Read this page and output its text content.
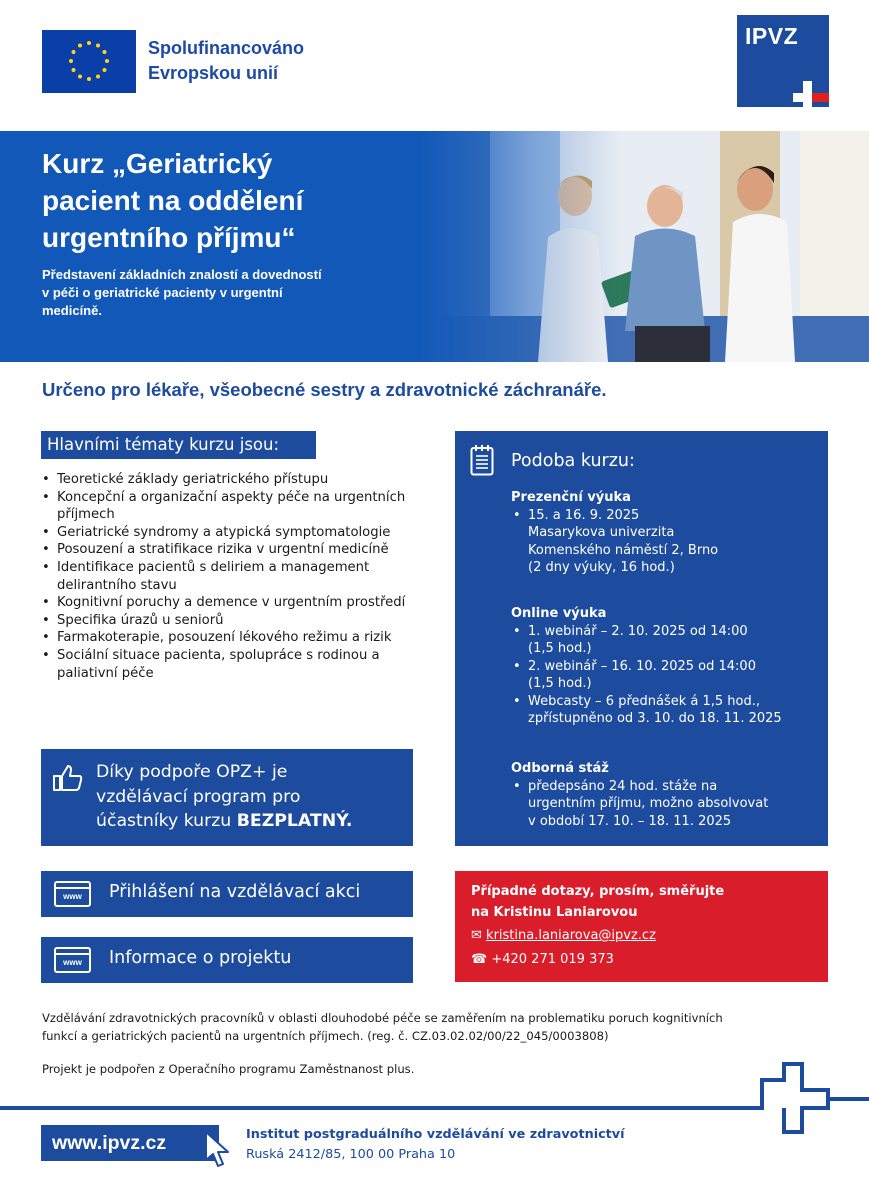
Spolufinancováno
Evropskou unií
IPVZ
Kurz „Geriatrický
pacient na oddělení
urgentního příjmu“
Představení základních znalostí a dovedností
v péči o geriatrické pacienty v urgentní
medicíně.
Určeno pro lékaře, všeobecné sestry a zdravotnické záchranáře.
Hlavními tématy kurzu jsou:
• Teoretické základy geriatrického přístupu
• Koncepční a organizační aspekty péče na urgentních příjmech
• Geriatrické syndromy a atypická symptomatologie
• Posouzení a stratifikace rizika v urgentní medicíně
• Identifikace pacientů s deliriem a management delirantního stavu
• Kognitivní poruchy a demence v urgentním prostředí
• Specifika úrazů u seniorů
• Farmakoterapie, posouzení lékového režimu a rizik
• Sociální situace pacienta, spolupráce s rodinou a paliativní péče
Díky podpoře OPZ+ je
vzdělávací program pro
účastníky kurzu BEZPLATNÝ.
www	Přihlášení na vzdělávací akci
www	Informace o projektu
Podoba kurzu:
Prezenční výuka
• 15. a 16. 9. 2025
Masarykova univerzita
Komenského náměstí 2, Brno
(2 dny výuky, 16 hod.)
Online výuka
• 1. webinář – 2. 10. 2025 od 14:00
(1,5 hod.)
• 2. webinář – 16. 10. 2025 od 14:00
(1,5 hod.)
• Webcasty – 6 přednášek á 1,5 hod.,
zpřístupněno od 3. 10. do 18. 11. 2025
Odborná stáž
• předepsáno 24 hod. stáže na
urgentním příjmu, možno absolvovat
v období 17. 10. – 18. 11. 2025
Případné dotazy, prosím, směřujte
na Kristinu Laniarovou
✉ kristina.laniarova@ipvz.cz
☎ +420 271 019 373
Vzdělávání zdravotnických pracovníků v oblasti dlouhodobé péče se zaměřením na problematiku poruch kognitivních
funkcí a geriatrických pacientů na urgentních příjmech. (reg. č. CZ.03.02.02/00/22_045/0003808)
Projekt je podpořen z Operačního programu Zaměstnanost plus.
www.ipvz.cz	Institut postgraduálního vzdělávání ve zdravotnictví
Ruská 2412/85, 100 00 Praha 10
